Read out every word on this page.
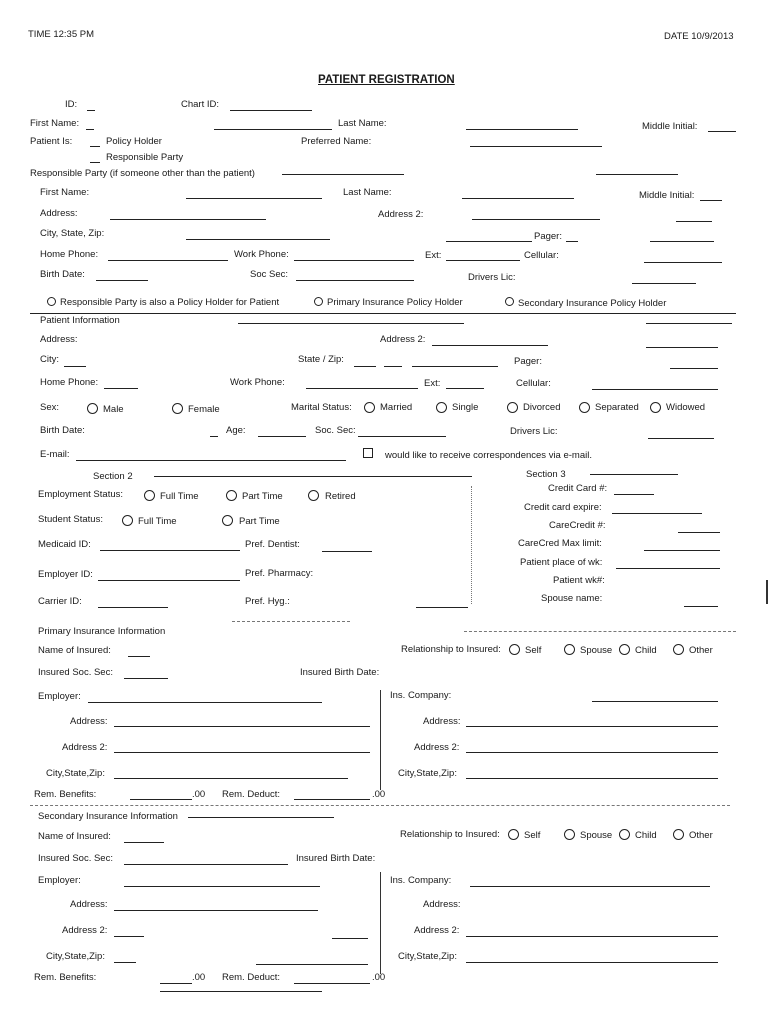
TIME 12:35 PM	DATE 10/9/2013
PATIENT REGISTRATION
ID:	Chart ID:
First Name:	Last Name:	Middle Initial:
Patient Is:	Policy Holder	Preferred Name:
Responsible Party
Responsible Party (if someone other than the patient)
First Name:	Last Name:	Middle Initial:
Address:	Address 2:
City, State, Zip:	Pager:
Home Phone:	Work Phone:	Ext:	Cellular:
Birth Date:	Soc Sec:	Drivers Lic:
Responsible Party is also a Policy Holder for Patient	Primary Insurance Policy Holder	Secondary Insurance Policy Holder
Patient Information
Address:	Address 2:
City:	State / Zip:	Pager:
Home Phone:	Work Phone:	Ext:	Cellular:
Sex:	Male	Female	Marital Status:	Married	Single	Divorced	Separated	Widowed
Birth Date:	Age:	Soc. Sec:	Drivers Lic:
E-mail:	would like to receive correspondences via e-mail.
Section 2
Employment Status:	Full Time	Part Time	Retired
Student Status:	Full Time	Part Time
Medicaid ID:	Pref. Dentist:
Employer ID:	Pref. Pharmacy:
Carrier ID:	Pref. Hyg.:
Section 3
Credit Card #:
Credit card expire:
CareCredit #:
CareCred Max limit:
Patient place of wk:
Patient wk#:
Spouse name:
Primary Insurance Information
Name of Insured:	Relationship to Insured:	Self	Spouse Child	Other
Insured Soc. Sec:	Insured Birth Date:
Employer:	Ins. Company:
Address:	Address:
Address 2:	Address 2:
City,State,Zip:	City,State,Zip:
Rem. Benefits:	.00 Rem. Deduct:	.00
Secondary Insurance Information
Name of Insured:	Relationship to Insured:	Self	Spouse Child	Other
Insured Soc. Sec:	Insured Birth Date:
Employer:	Ins. Company:
Address:	Address:
Address 2:	Address 2:
City,State,Zip:	City,State,Zip:
Rem. Benefits:	.00 Rem. Deduct:	.00
